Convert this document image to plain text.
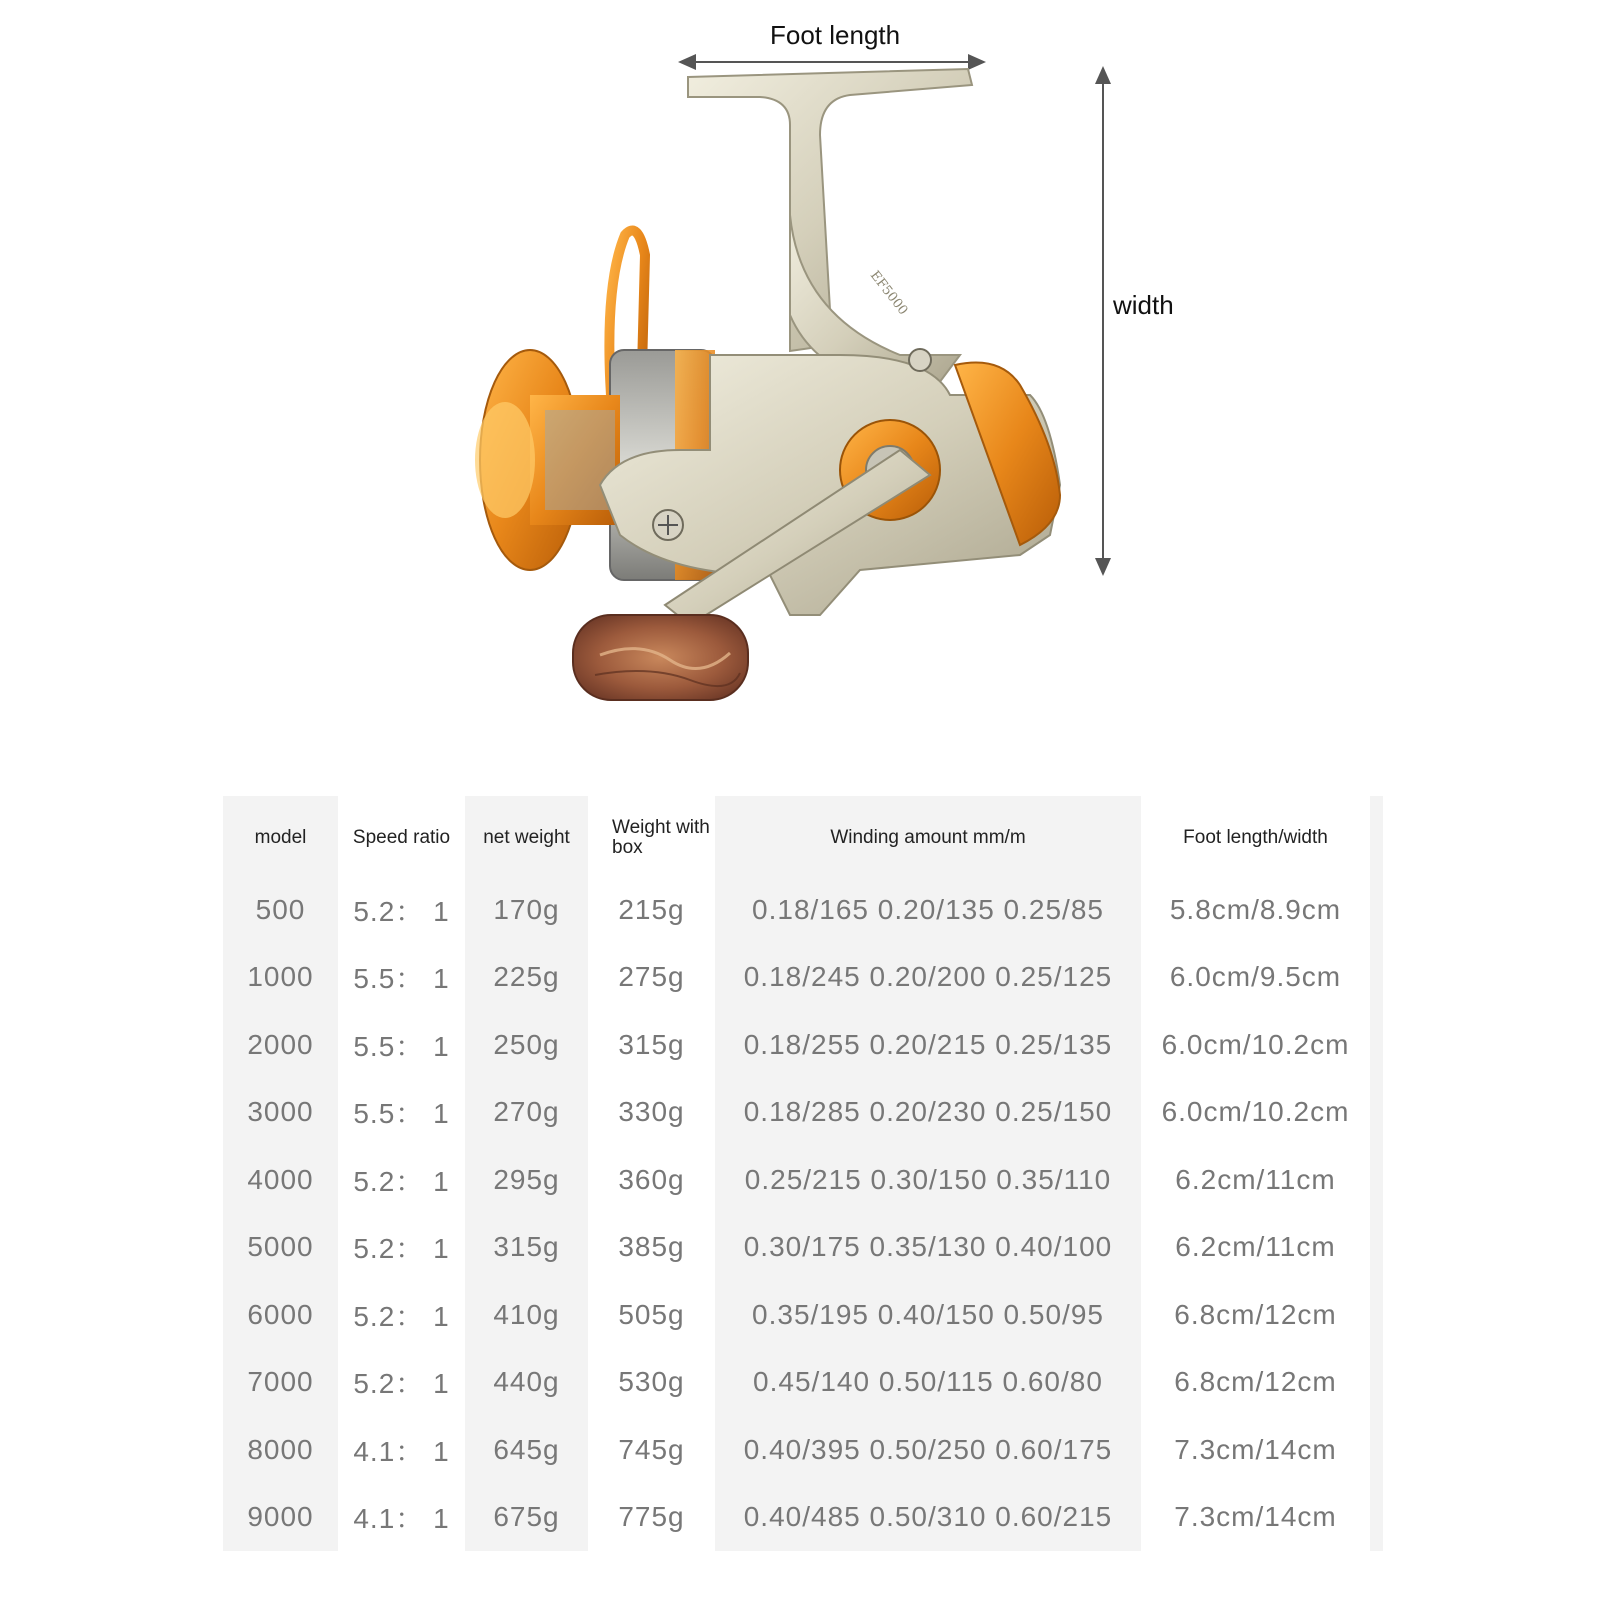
Foot length
width
EF5000
model	Speed ratio	net weight	Weight with box	Winding amount mm/m	Foot length/width
500	5.2： 1	170g	215g	0.18/165 0.20/135 0.25/85	5.8cm/8.9cm
1000	5.5： 1	225g	275g	0.18/245 0.20/200 0.25/125	6.0cm/9.5cm
2000	5.5： 1	250g	315g	0.18/255 0.20/215 0.25/135	6.0cm/10.2cm
3000	5.5： 1	270g	330g	0.18/285 0.20/230 0.25/150	6.0cm/10.2cm
4000	5.2： 1	295g	360g	0.25/215 0.30/150 0.35/110	6.2cm/11cm
5000	5.2： 1	315g	385g	0.30/175 0.35/130 0.40/100	6.2cm/11cm
6000	5.2： 1	410g	505g	0.35/195 0.40/150 0.50/95	6.8cm/12cm
7000	5.2： 1	440g	530g	0.45/140 0.50/115 0.60/80	6.8cm/12cm
8000	4.1： 1	645g	745g	0.40/395 0.50/250 0.60/175	7.3cm/14cm
9000	4.1： 1	675g	775g	0.40/485 0.50/310 0.60/215	7.3cm/14cm
